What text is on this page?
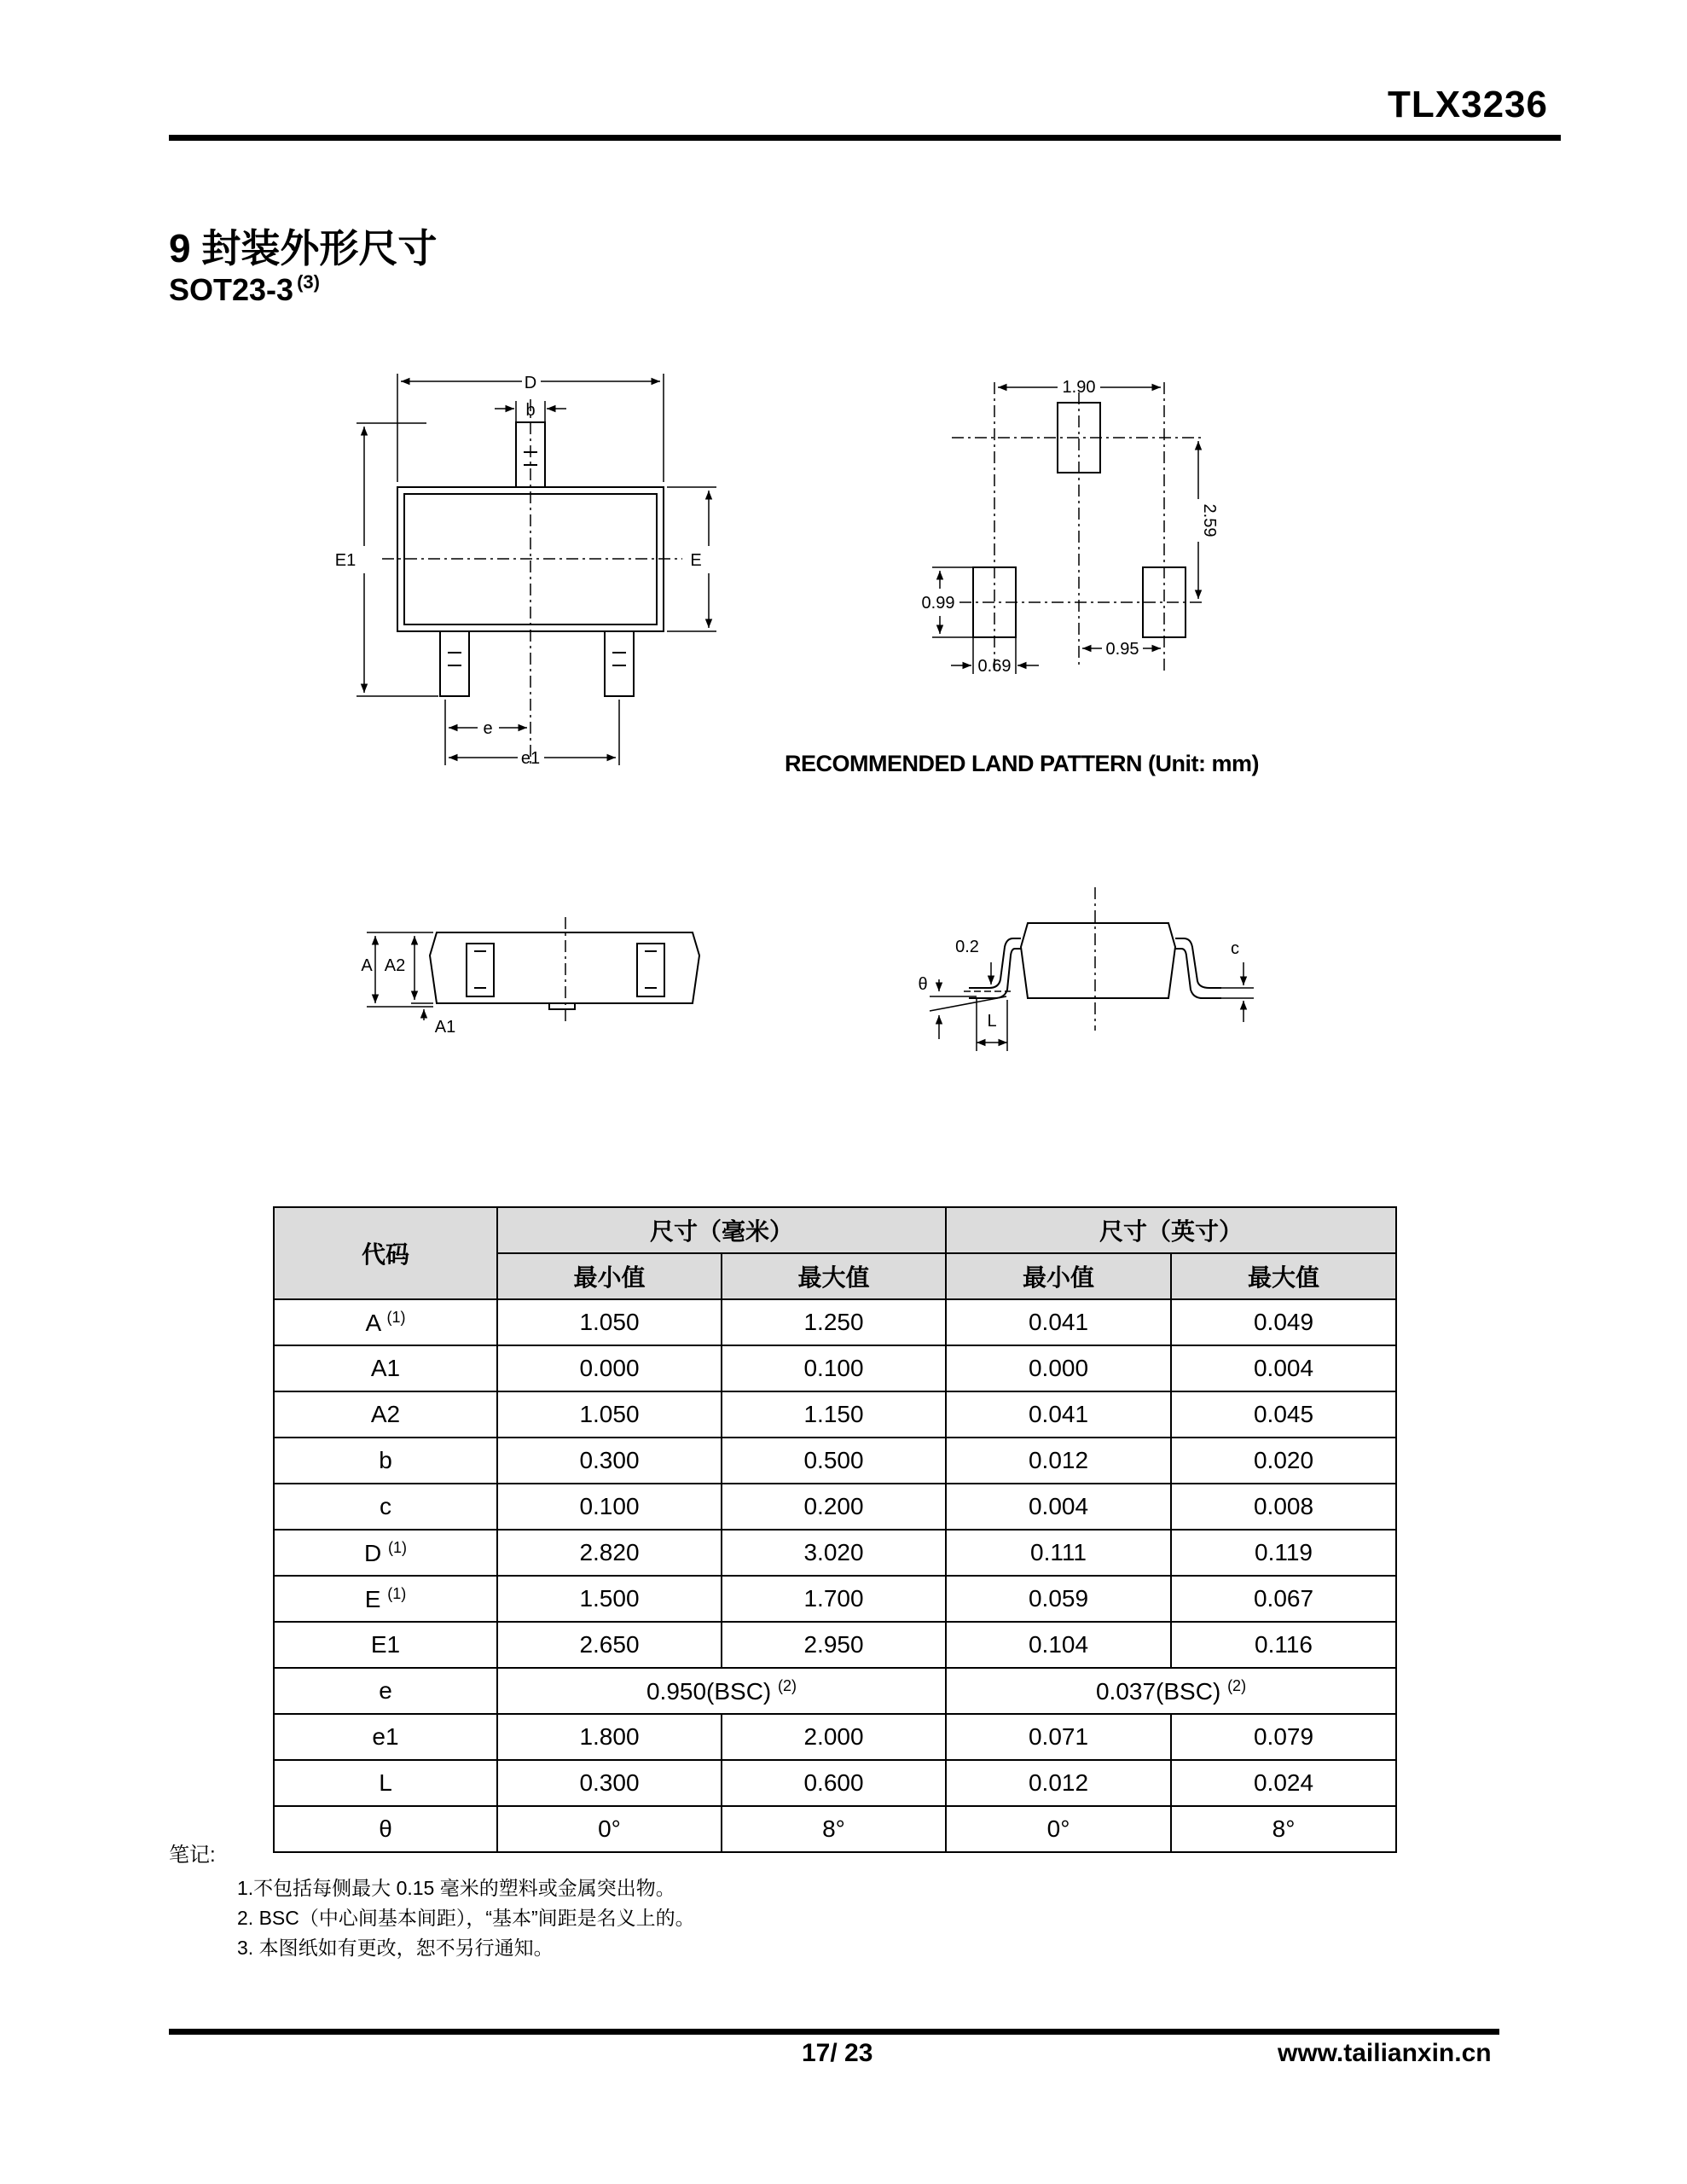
TLX3236
9 封装外形尺寸
SOT23-3 $^{(3)}$
D
b
E1	E
e
e1
1.90
2.59
0.99
0.69
0.95
A A2
A1
0.2
θ
L
c
RECOMMENDED LAND PATTERN (Unit: mm)
代码	尺寸（毫米）		尺寸（英寸）	
	最小值	最大值	最小值	最大值
A $^{(1)}$	1.050	1.250	0.041	0.049
A1	0.000	0.100	0.000	0.004
A2	1.050	1.150	0.041	0.045
b	0.300	0.500	0.012	0.020
c	0.100	0.200	0.004	0.008
D $^{(1)}$	2.820	3.020	0.111	0.119
E $^{(1)}$	1.500	1.700	0.059	0.067
E1	2.650	2.950	0.104	0.116
e	0.950(BSC) $^{(2)}$		0.037(BSC) $^{(2)}$
e1	1.800	2.000	0.071	0.079
L	0.300	0.600	0.012	0.024
θ	0°	8°	0°	8°
笔记:
1.不包括每侧最大 0.15 毫米的塑料或金属突出物。
2. BSC（中心间基本间距），“基本”间距是名义上的。
3. 本图纸如有更改，恕不另行通知。
17/ 23	www.tailianxin.cn
